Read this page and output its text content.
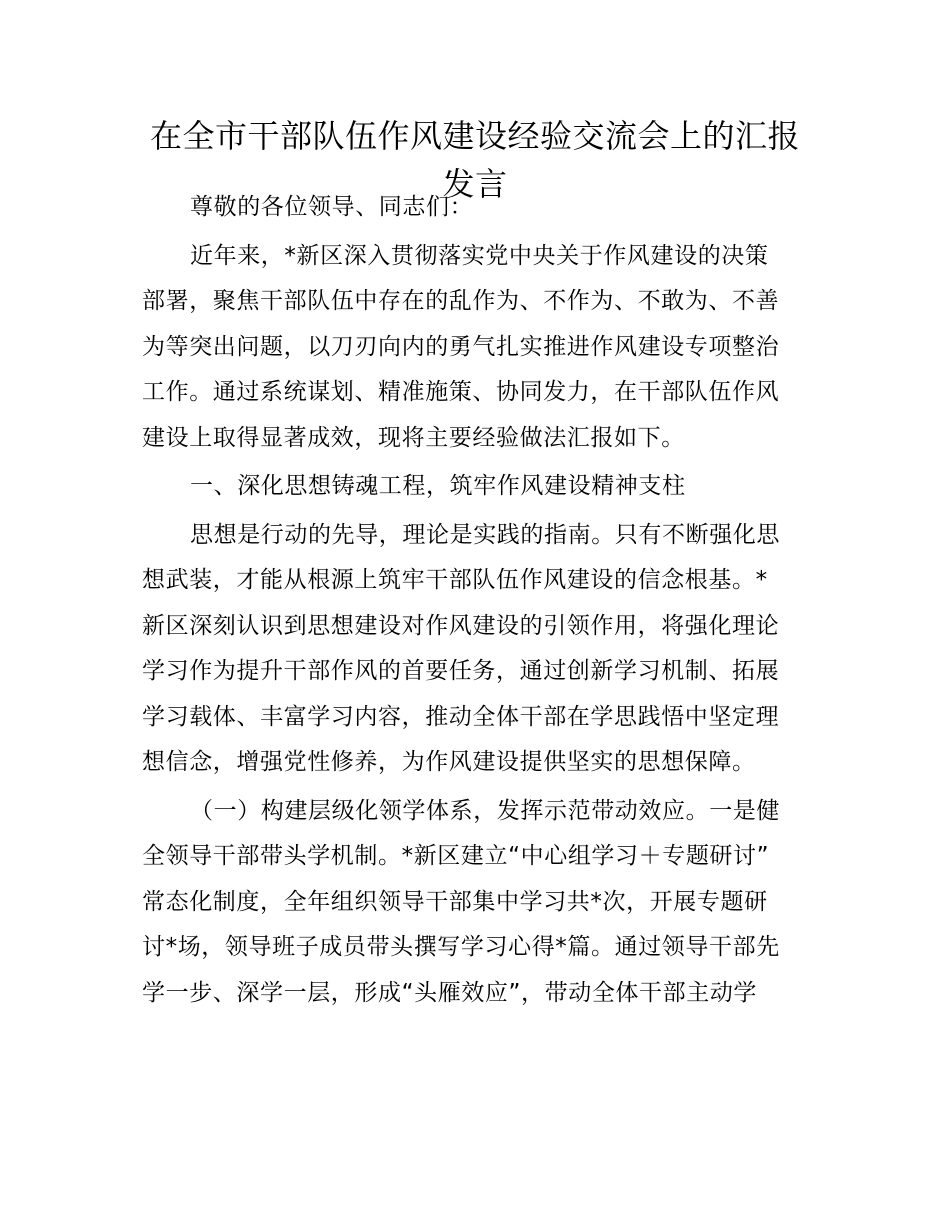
在全市干部队伍作风建设经验交流会上的汇报
发言

尊敬的各位领导、同志们：

近年来，*新区深入贯彻落实党中央关于作风建设的决策
部署，聚焦干部队伍中存在的乱作为、不作为、不敢为、不善
为等突出问题，以刀刃向内的勇气扎实推进作风建设专项整治
工作。通过系统谋划、精准施策、协同发力，在干部队伍作风
建设上取得显著成效，现将主要经验做法汇报如下。

一、深化思想铸魂工程，筑牢作风建设精神支柱

思想是行动的先导，理论是实践的指南。只有不断强化思
想武装，才能从根源上筑牢干部队伍作风建设的信念根基。*
新区深刻认识到思想建设对作风建设的引领作用，将强化理论
学习作为提升干部作风的首要任务，通过创新学习机制、拓展
学习载体、丰富学习内容，推动全体干部在学思践悟中坚定理
想信念，增强党性修养，为作风建设提供坚实的思想保障。

（一）构建层级化领学体系，发挥示范带动效应。一是健
全领导干部带头学机制。*新区建立“中心组学习＋专题研讨”
常态化制度，全年组织领导干部集中学习共*次，开展专题研
讨*场，领导班子成员带头撰写学习心得*篇。通过领导干部先
学一步、深学一层，形成“头雁效应”，带动全体干部主动学
